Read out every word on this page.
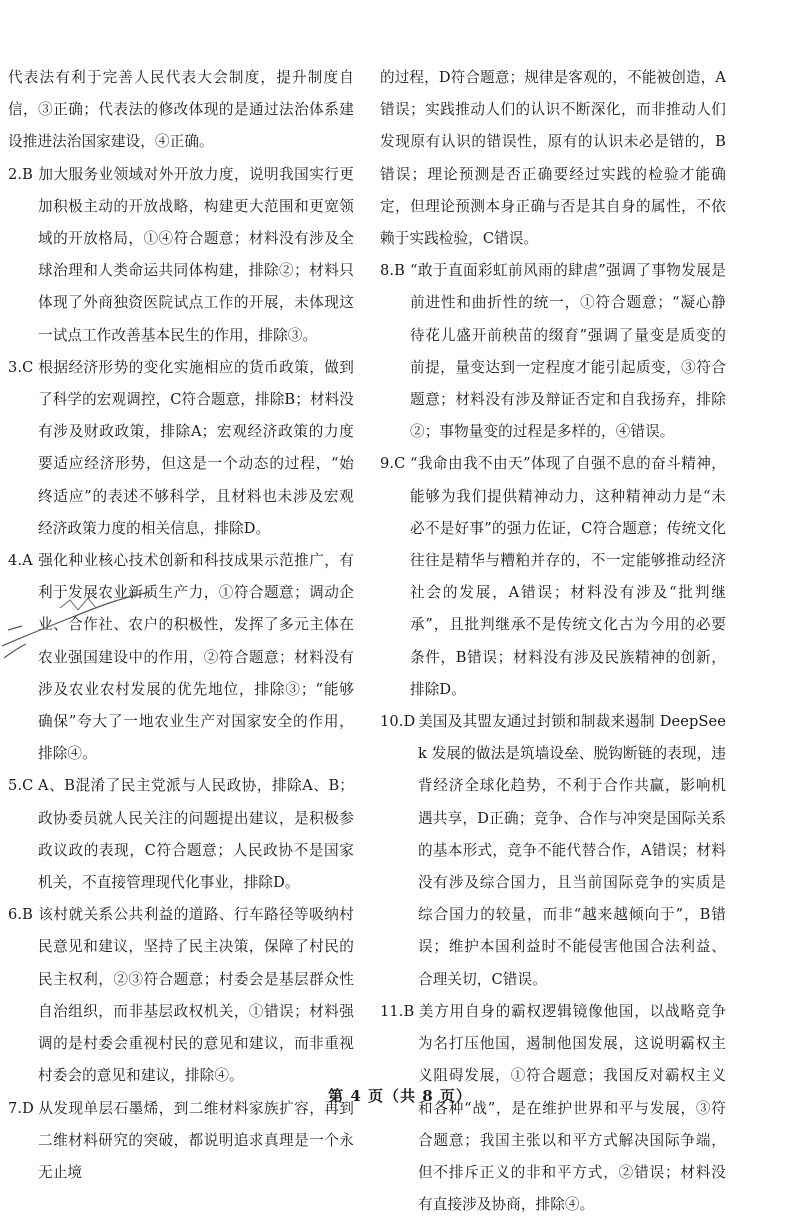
代表法有利于完善人民代表大会制度，提升制度自信，③正确；代表法的修改体现的是通过法治体系建设推进法治国家建设，④正确。
2.B 加大服务业领域对外开放力度，说明我国实行更加积极主动的开放战略，构建更大范围和更宽领域的开放格局，①④符合题意；材料没有涉及全球治理和人类命运共同体构建，排除②；材料只体现了外商独资医院试点工作的开展，未体现这一试点工作改善基本民生的作用，排除③。
3.C 根据经济形势的变化实施相应的货币政策，做到了科学的宏观调控，C符合题意，排除B；材料没有涉及财政政策，排除A；宏观经济政策的力度要适应经济形势，但这是一个动态的过程，“始终适应”的表述不够科学，且材料也未涉及宏观经济政策力度的相关信息，排除D。
4.A 强化种业核心技术创新和科技成果示范推广，有利于发展农业新质生产力，①符合题意；调动企业、合作社、农户的积极性，发挥了多元主体在农业强国建设中的作用，②符合题意；材料没有涉及农业农村发展的优先地位，排除③；“能够确保”夸大了一地农业生产对国家安全的作用，排除④。
5.C A、B混淆了民主党派与人民政协，排除A、B；政协委员就人民关注的问题提出建议，是积极参政议政的表现，C符合题意；人民政协不是国家机关，不直接管理现代化事业，排除D。
6.B 该村就关系公共利益的道路、行车路径等吸纳村民意见和建议，坚持了民主决策，保障了村民的民主权利，②③符合题意；村委会是基层群众性自治组织，而非基层政权机关，①错误；材料强调的是村委会重视村民的意见和建议，而非重视村委会的意见和建议，排除④。
7.D 从发现单层石墨烯，到二维材料家族扩容，再到二维材料研究的突破，都说明追求真理是一个永无止境
的过程，D符合题意；规律是客观的，不能被创造，A错误；实践推动人们的认识不断深化，而非推动人们发现原有认识的错误性，原有的认识未必是错的，B错误；理论预测是否正确要经过实践的检验才能确定，但理论预测本身正确与否是其自身的属性，不依赖于实践检验，C错误。
8.B “敢于直面彩虹前风雨的肆虐”强调了事物发展是前进性和曲折性的统一，①符合题意；“凝心静待花儿盛开前秧苗的缀育”强调了量变是质变的前提，量变达到一定程度才能引起质变，③符合题意；材料没有涉及辩证否定和自我扬弃，排除②；事物量变的过程是多样的，④错误。
9.C “我命由我不由天”体现了自强不息的奋斗精神，能够为我们提供精神动力，这种精神动力是“未必不是好事”的强力佐证，C符合题意；传统文化往往是精华与糟粕并存的，不一定能够推动经济社会的发展，A错误；材料没有涉及“批判继承”，且批判继承不是传统文化古为今用的必要条件，B错误；材料没有涉及民族精神的创新，排除D。
10.D 美国及其盟友通过封锁和制裁来遏制 DeepSeek 发展的做法是筑墙设垒、脱钩断链的表现，违背经济全球化趋势，不利于合作共赢，影响机遇共享，D正确；竞争、合作与冲突是国际关系的基本形式，竞争不能代替合作，A错误；材料没有涉及综合国力，且当前国际竞争的实质是综合国力的较量，而非“越来越倾向于”，B错误；维护本国利益时不能侵害他国合法利益、合理关切，C错误。
11.B 美方用自身的霸权逻辑镜像他国，以战略竞争为名打压他国，遏制他国发展，这说明霸权主义阻碍发展，①符合题意；我国反对霸权主义和各种“战”，是在维护世界和平与发展，③符合题意；我国主张以和平方式解决国际争端，但不排斥正义的非和平方式，②错误；材料没有直接涉及协商，排除④。
第 4 页（共 8 页）
